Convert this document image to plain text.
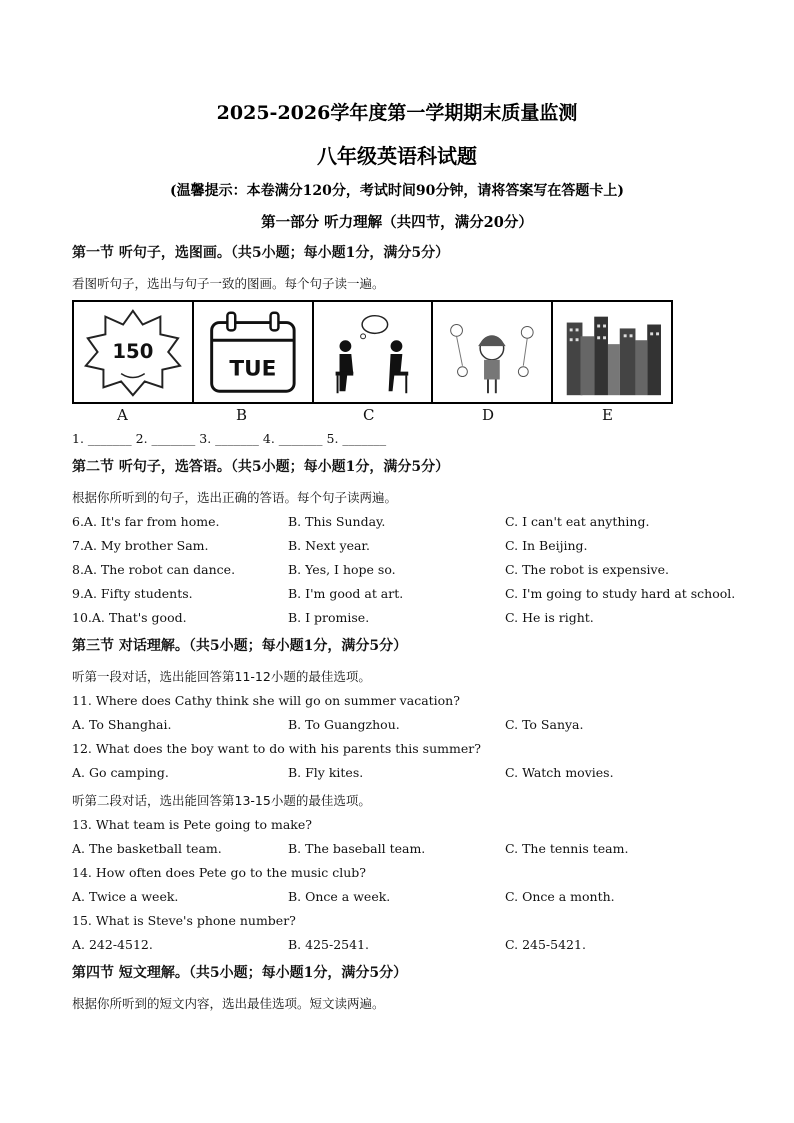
2025-2026学年度第一学期期末质量监测
八年级英语科试题
(温馨提示：本卷满分120分，考试时间90分钟，请将答案写在答题卡上)
第一部分 听力理解（共四节，满分20分）
第一节 听句子，选图画。（共5小题；每小题1分，满分5分）
看图听句子，选出与句子一致的图画。每个句子读一遍。
150
TUE
A	B	C	D	E
1. _______ 2. _______ 3. _______ 4. _______ 5. _______
第二节 听句子，选答语。（共5小题；每小题1分，满分5分）
根据你所听到的句子，选出正确的答语。每个句子读两遍。
6.A. It's far from home.	B. This Sunday.	C. I can't eat anything.
7.A. My brother Sam.	B. Next year.	C. In Beijing.
8.A. The robot can dance.	B. Yes, I hope so.	C. The robot is expensive.
9.A. Fifty students.	B. I'm good at art.	C. I'm going to study hard at school.
10.A. That's good.	B. I promise.	C. He is right.
第三节 对话理解。（共5小题；每小题1分，满分5分）
听第一段对话，选出能回答第11-12小题的最佳选项。
11. Where does Cathy think she will go on summer vacation?
A. To Shanghai.	B. To Guangzhou.	C. To Sanya.
12. What does the boy want to do with his parents this summer?
A. Go camping.	B. Fly kites.	C. Watch movies.
听第二段对话，选出能回答第13-15小题的最佳选项。
13. What team is Pete going to make?
A. The basketball team.	B. The baseball team.	C. The tennis team.
14. How often does Pete go to the music club?
A. Twice a week.	B. Once a week.	C. Once a month.
15. What is Steve's phone number?
A. 242-4512.	B. 425-2541.	C. 245-5421.
第四节 短文理解。（共5小题；每小题1分，满分5分）
根据你所听到的短文内容，选出最佳选项。短文读两遍。
